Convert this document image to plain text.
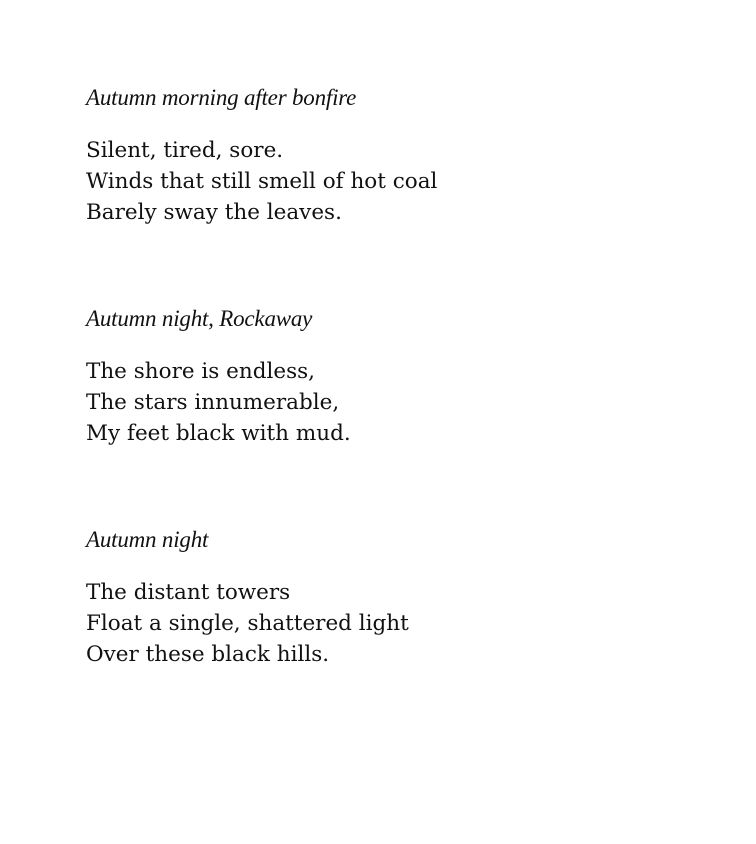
Autumn morning after bonfire
Silent, tired, sore.
Winds that still smell of hot coal
Barely sway the leaves.
Autumn night, Rockaway
The shore is endless,
The stars innumerable,
My feet black with mud.
Autumn night
The distant towers
Float a single, shattered light
Over these black hills.
